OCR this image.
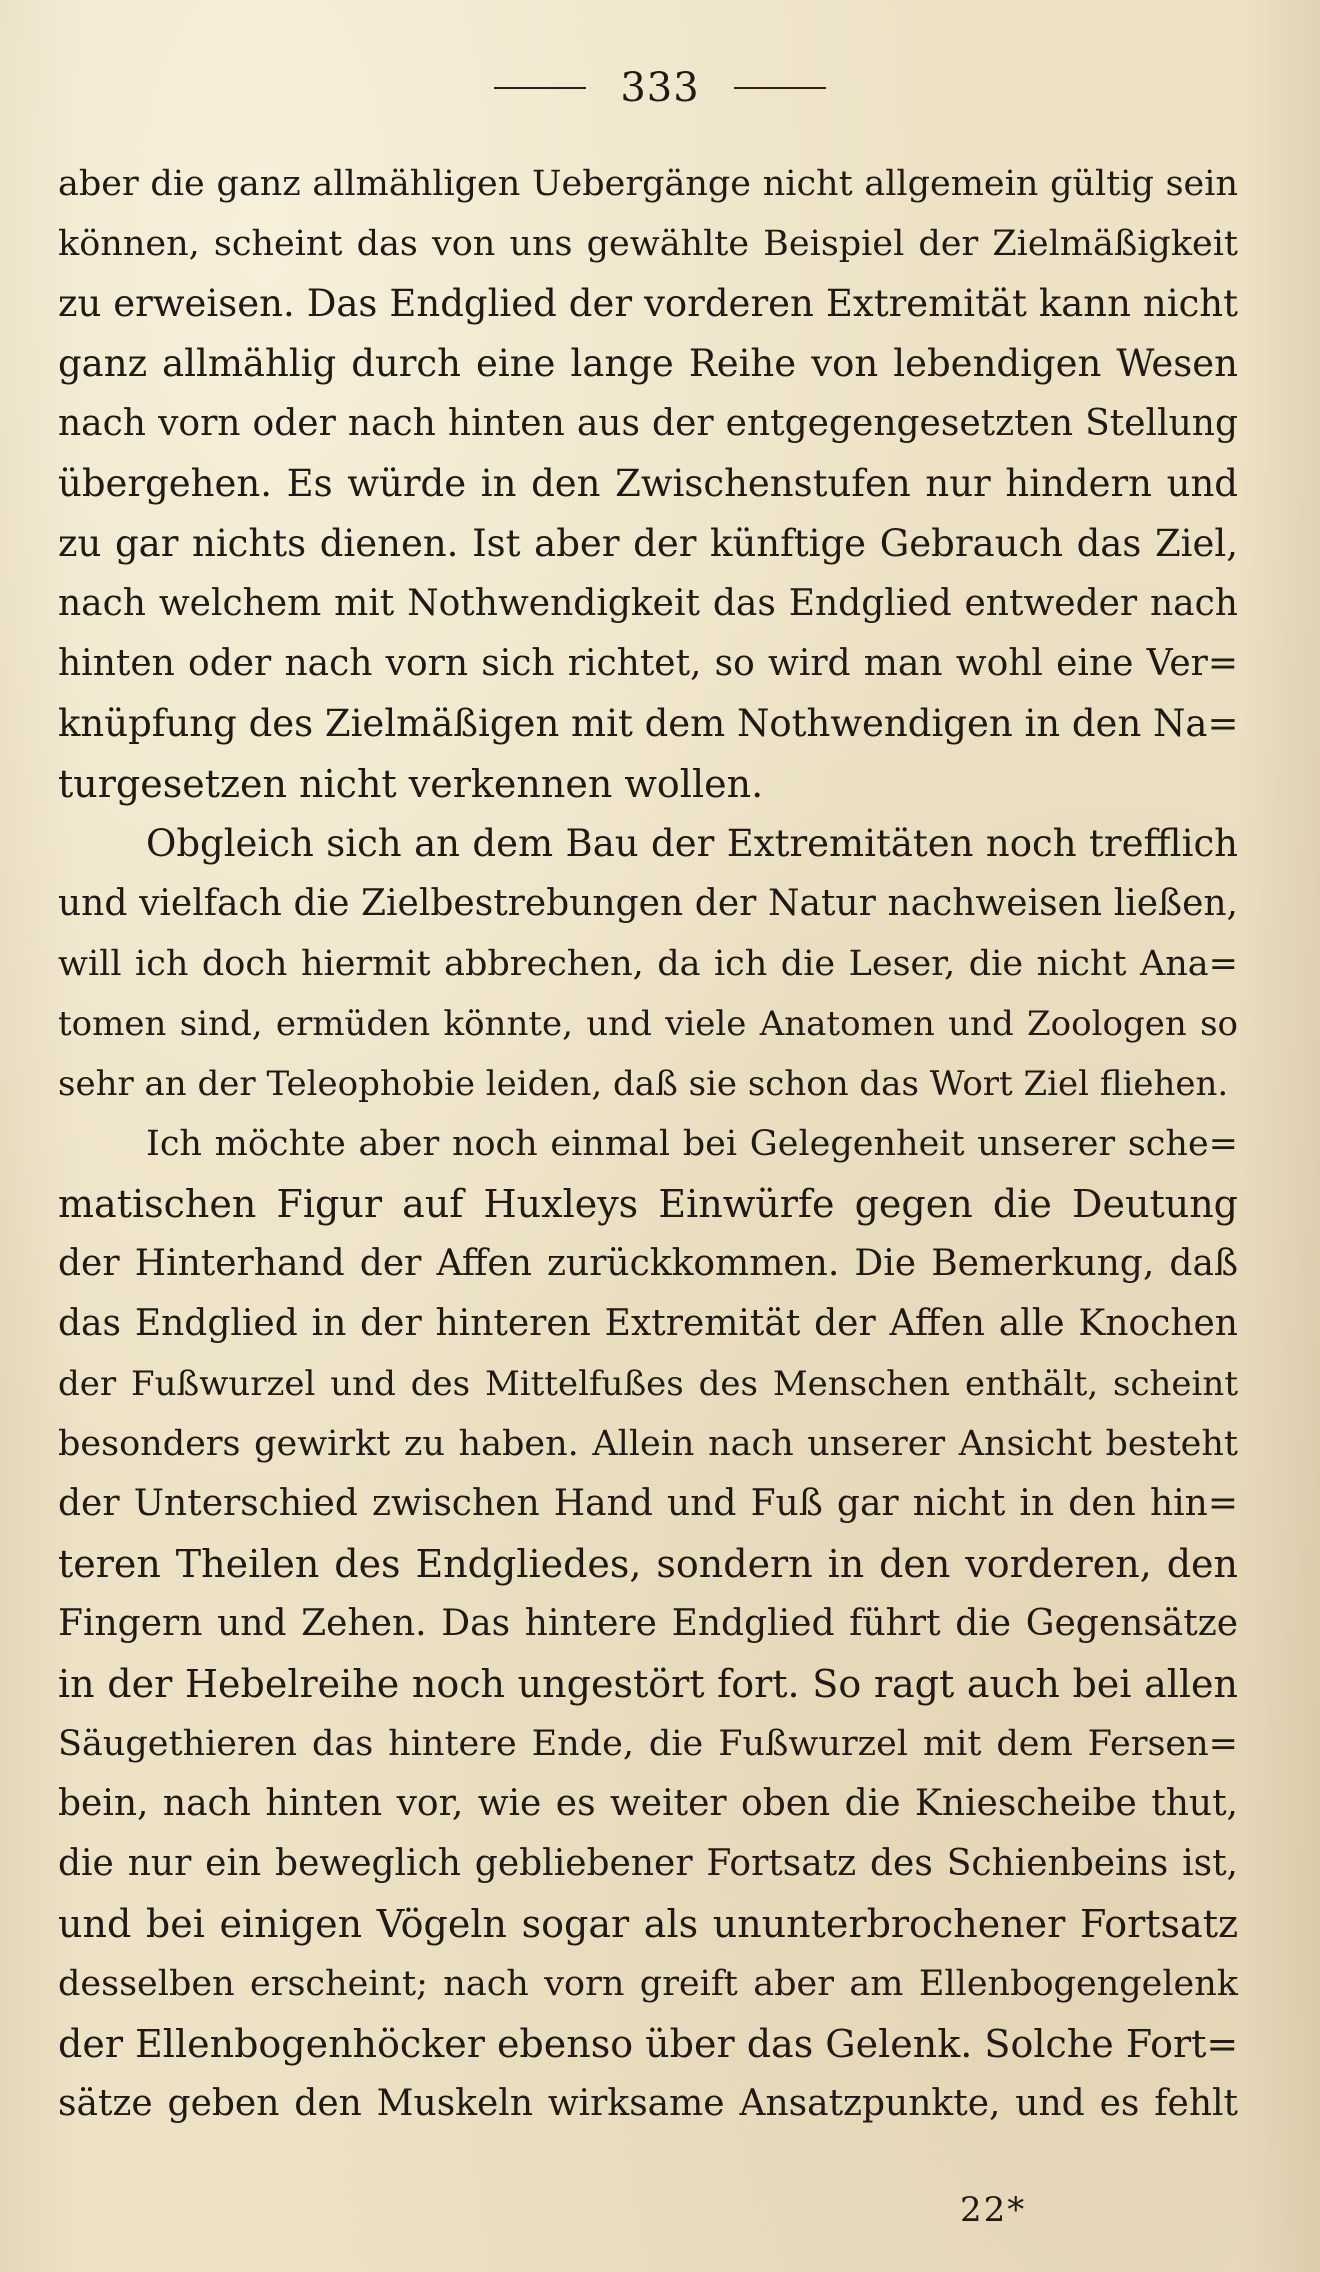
333
aber die ganz allmähligen Uebergänge nicht allgemein gültig sein
können, scheint das von uns gewählte Beispiel der Zielmäßigkeit
zu erweisen. Das Endglied der vorderen Extremität kann nicht
ganz allmählig durch eine lange Reihe von lebendigen Wesen
nach vorn oder nach hinten aus der entgegengesetzten Stellung
übergehen. Es würde in den Zwischenstufen nur hindern und
zu gar nichts dienen. Ist aber der künftige Gebrauch das Ziel,
nach welchem mit Nothwendigkeit das Endglied entweder nach
hinten oder nach vorn sich richtet, so wird man wohl eine Ver=
knüpfung des Zielmäßigen mit dem Nothwendigen in den Na=
turgesetzen nicht verkennen wollen.
Obgleich sich an dem Bau der Extremitäten noch trefflich
und vielfach die Zielbestrebungen der Natur nachweisen ließen,
will ich doch hiermit abbrechen, da ich die Leser, die nicht Ana=
tomen sind, ermüden könnte, und viele Anatomen und Zoologen so
sehr an der Teleophobie leiden, daß sie schon das Wort Ziel fliehen.
Ich möchte aber noch einmal bei Gelegenheit unserer sche=
matischen Figur auf Huxleys Einwürfe gegen die Deutung
der Hinterhand der Affen zurückkommen. Die Bemerkung, daß
das Endglied in der hinteren Extremität der Affen alle Knochen
der Fußwurzel und des Mittelfußes des Menschen enthält, scheint
besonders gewirkt zu haben. Allein nach unserer Ansicht besteht
der Unterschied zwischen Hand und Fuß gar nicht in den hin=
teren Theilen des Endgliedes, sondern in den vorderen, den
Fingern und Zehen. Das hintere Endglied führt die Gegensätze
in der Hebelreihe noch ungestört fort. So ragt auch bei allen
Säugethieren das hintere Ende, die Fußwurzel mit dem Fersen=
bein, nach hinten vor, wie es weiter oben die Kniescheibe thut,
die nur ein beweglich gebliebener Fortsatz des Schienbeins ist,
und bei einigen Vögeln sogar als ununterbrochener Fortsatz
desselben erscheint; nach vorn greift aber am Ellenbogengelenk
der Ellenbogenhöcker ebenso über das Gelenk. Solche Fort=
sätze geben den Muskeln wirksame Ansatzpunkte, und es fehlt
22*
